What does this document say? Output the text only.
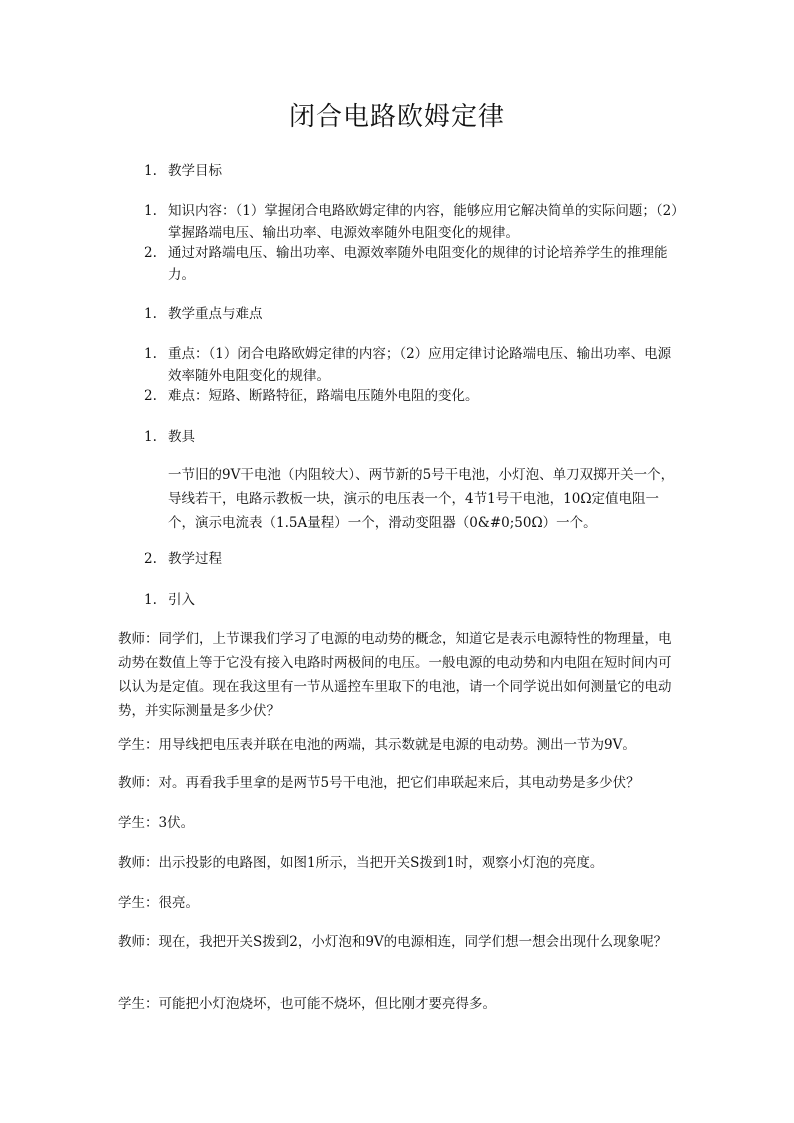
闭合电路欧姆定律
1. 教学目标
1. 知识内容：（1）掌握闭合电路欧姆定律的内容，能够应用它解决简单的实际问题；（2）掌握路端电压、输出功率、电源效率随外电阻变化的规律。
2. 通过对路端电压、输出功率、电源效率随外电阻变化的规律的讨论培养学生的推理能力。
1. 教学重点与难点
1. 重点：（1）闭合电路欧姆定律的内容；（2）应用定律讨论路端电压、输出功率、电源效率随外电阻变化的规律。
2. 难点：短路、断路特征，路端电压随外电阻的变化。
1. 教具
一节旧的9V干电池（内阻较大）、两节新的5号干电池，小灯泡、单刀双掷开关一个，导线若干，电路示教板一块，演示的电压表一个，4节1号干电池，10Ω定值电阻一个，演示电流表（1.5A量程）一个，滑动变阻器（0&#0;50Ω）一个。
2. 教学过程
1. 引入

教师：同学们，上节课我们学习了电源的电动势的概念，知道它是表示电源特性的物理量，电动势在数值上等于它没有接入电路时两极间的电压。一般电源的电动势和内电阻在短时间内可以认为是定值。现在我这里有一节从遥控车里取下的电池，请一个同学说出如何测量它的电动势，并实际测量是多少伏？

学生：用导线把电压表并联在电池的两端，其示数就是电源的电动势。测出一节为9V。

教师：对。再看我手里拿的是两节5号干电池，把它们串联起来后，其电动势是多少伏？

学生：3伏。

教师：出示投影的电路图，如图1所示，当把开关S拨到1时，观察小灯泡的亮度。

学生：很亮。

教师：现在，我把开关S拨到2，小灯泡和9V的电源相连，同学们想一想会出现什么现象呢？

学生：可能把小灯泡烧坏，也可能不烧坏，但比刚才要亮得多。
